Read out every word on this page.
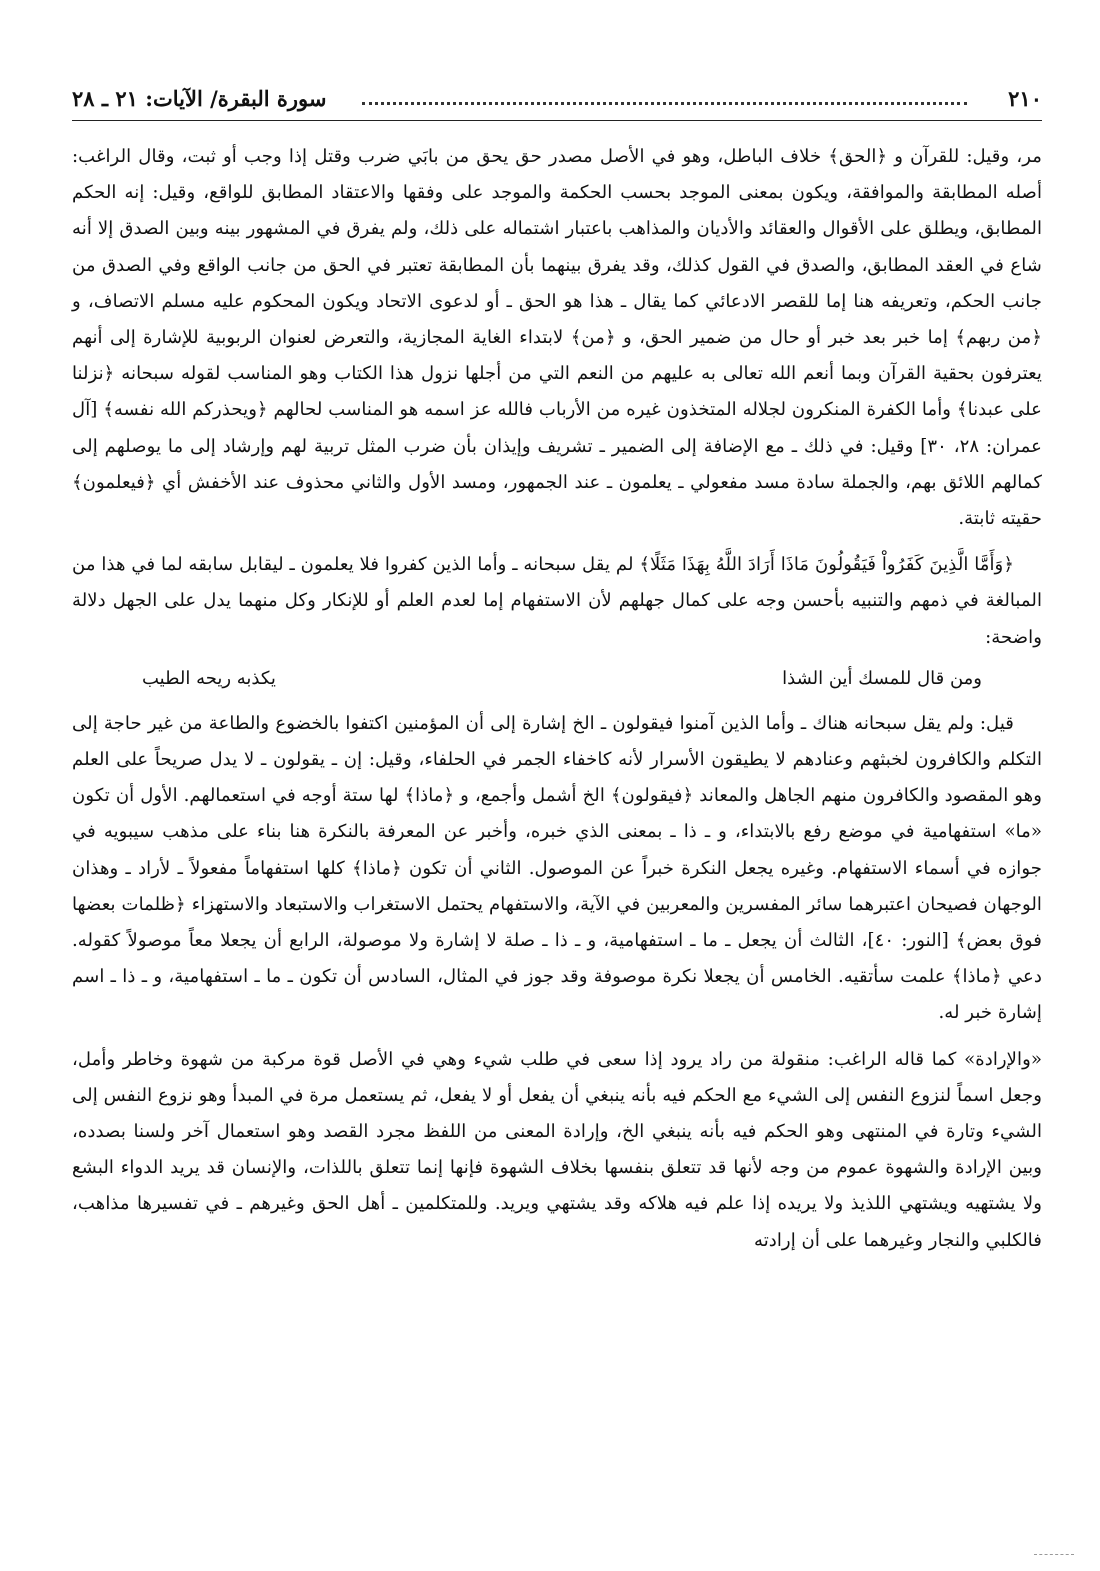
٢١٠
سورة البقرة/ الآيات: ٢١ ـ ٢٨

مر، وقيل: للقرآن و ﴿الحق﴾ خلاف الباطل، وهو في الأصل مصدر حق يحق من بابَي ضرب وقتل إذا وجب أو ثبت، وقال الراغب: أصله المطابقة والموافقة، ويكون بمعنى الموجد بحسب الحكمة والموجد على وفقها والاعتقاد المطابق للواقع، وقيل: إنه الحكم المطابق، ويطلق على الأقوال والعقائد والأديان والمذاهب باعتبار اشتماله على ذلك، ولم يفرق في المشهور بينه وبين الصدق إلا أنه شاع في العقد المطابق، والصدق في القول كذلك، وقد يفرق بينهما بأن المطابقة تعتبر في الحق من جانب الواقع وفي الصدق من جانب الحكم، وتعريفه هنا إما للقصر الادعائي كما يقال ـ هذا هو الحق ـ أو لدعوى الاتحاد ويكون المحكوم عليه مسلم الاتصاف، و ﴿من ربهم﴾ إما خبر بعد خبر أو حال من ضمير الحق، و ﴿من﴾ لابتداء الغاية المجازية، والتعرض لعنوان الربوبية للإشارة إلى أنهم يعترفون بحقية القرآن وبما أنعم الله تعالى به عليهم من النعم التي من أجلها نزول هذا الكتاب وهو المناسب لقوله سبحانه ﴿نزلنا على عبدنا﴾ وأما الكفرة المنكرون لجلاله المتخذون غيره من الأرباب فالله عز اسمه هو المناسب لحالهم ﴿ويحذركم الله نفسه﴾ [آل عمران: ٢٨، ٣٠] وقيل: في ذلك ـ مع الإضافة إلى الضمير ـ تشريف وإيذان بأن ضرب المثل تربية لهم وإرشاد إلى ما يوصلهم إلى كمالهم اللائق بهم، والجملة سادة مسد مفعولي ـ يعلمون ـ عند الجمهور، ومسد الأول والثاني محذوف عند الأخفش أي ﴿فيعلمون﴾ حقيته ثابتة.

﴿وَأَمَّا الَّذِينَ كَفَرُواْ فَيَقُولُونَ مَاذَا أَرَادَ اللَّهُ بِهَذَا مَثَلًا﴾ لم يقل سبحانه ـ وأما الذين كفروا فلا يعلمون ـ ليقابل سابقه لما في هذا من المبالغة في ذمهم والتنبيه بأحسن وجه على كمال جهلهم لأن الاستفهام إما لعدم العلم أو للإنكار وكل منهما يدل على الجهل دلالة واضحة:

ومن قال للمسك أين الشذا
يكذبه ريحه الطيب

قيل: ولم يقل سبحانه هناك ـ وأما الذين آمنوا فيقولون ـ الخ إشارة إلى أن المؤمنين اكتفوا بالخضوع والطاعة من غير حاجة إلى التكلم والكافرون لخبثهم وعنادهم لا يطيقون الأسرار لأنه كاخفاء الجمر في الحلفاء، وقيل: إن ـ يقولون ـ لا يدل صريحاً على العلم وهو المقصود والكافرون منهم الجاهل والمعاند ﴿فيقولون﴾ الخ أشمل وأجمع، و ﴿ماذا﴾ لها ستة أوجه في استعمالهم. الأول أن تكون «ما» استفهامية في موضع رفع بالابتداء، و ـ ذا ـ بمعنى الذي خبره، وأخبر عن المعرفة بالنكرة هنا بناء على مذهب سيبويه في جوازه في أسماء الاستفهام. وغيره يجعل النكرة خبراً عن الموصول. الثاني أن تكون ﴿ماذا﴾ كلها استفهاماً مفعولاً ـ لأراد ـ وهذان الوجهان فصيحان اعتبرهما سائر المفسرين والمعربين في الآية، والاستفهام يحتمل الاستغراب والاستبعاد والاستهزاء ﴿ظلمات بعضها فوق بعض﴾ [النور: ٤٠]، الثالث أن يجعل ـ ما ـ استفهامية، و ـ ذا ـ صلة لا إشارة ولا موصولة، الرابع أن يجعلا معاً موصولاً كقوله. دعي ﴿ماذا﴾ علمت سأتقيه. الخامس أن يجعلا نكرة موصوفة وقد جوز في المثال، السادس أن تكون ـ ما ـ استفهامية، و ـ ذا ـ اسم إشارة خبر له.

«والإرادة» كما قاله الراغب: منقولة من راد يرود إذا سعى في طلب شيء وهي في الأصل قوة مركبة من شهوة وخاطر وأمل، وجعل اسماً لنزوع النفس إلى الشيء مع الحكم فيه بأنه ينبغي أن يفعل أو لا يفعل، ثم يستعمل مرة في المبدأ وهو نزوع النفس إلى الشيء وتارة في المنتهى وهو الحكم فيه بأنه ينبغي الخ، وإرادة المعنى من اللفظ مجرد القصد وهو استعمال آخر ولسنا بصدده، وبين الإرادة والشهوة عموم من وجه لأنها قد تتعلق بنفسها بخلاف الشهوة فإنها إنما تتعلق باللذات، والإنسان قد يريد الدواء البشع ولا يشتهيه ويشتهي اللذيذ ولا يريده إذا علم فيه هلاكه وقد يشتهي ويريد. وللمتكلمين ـ أهل الحق وغيرهم ـ في تفسيرها مذاهب، فالكلبي والنجار وغيرهما على أن إرادته
